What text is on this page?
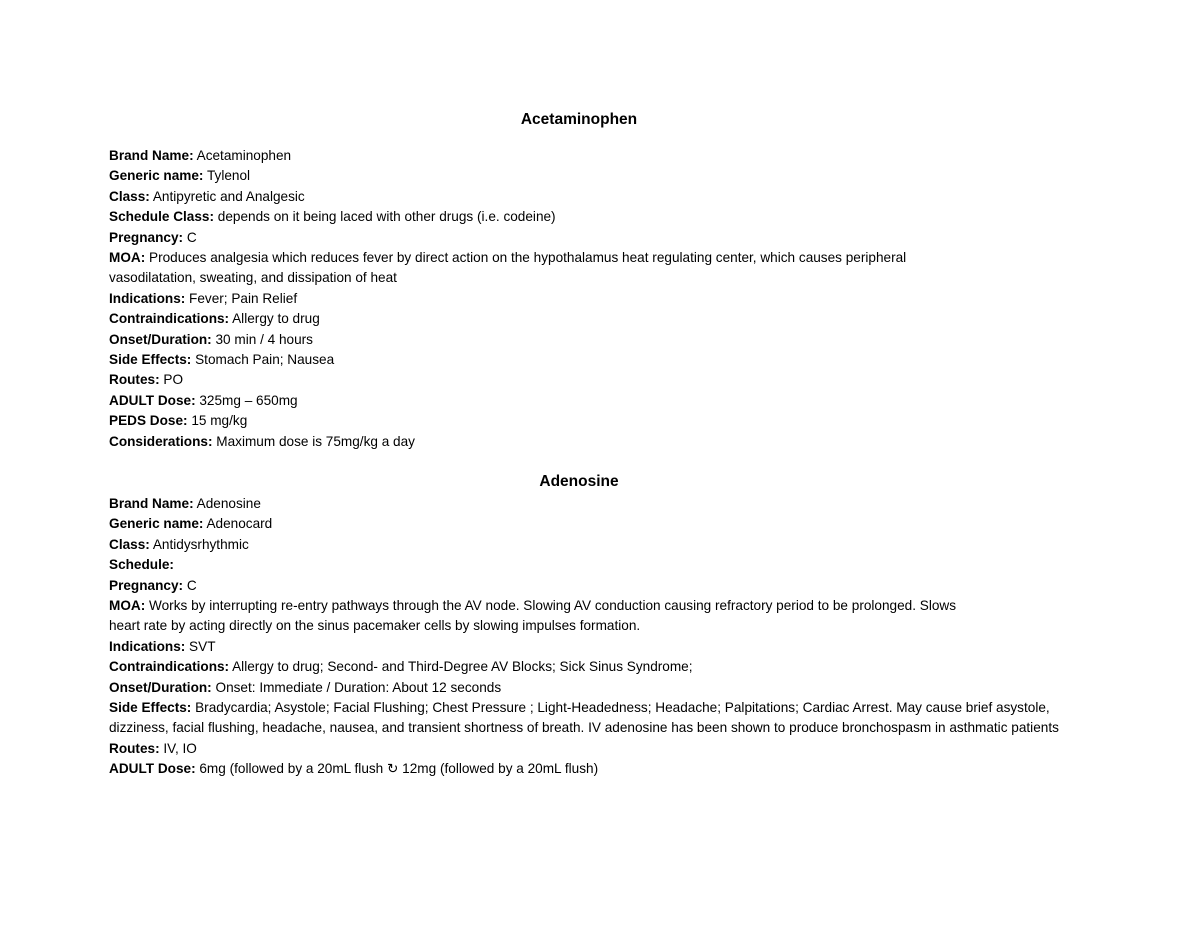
Acetaminophen

Brand Name: Acetaminophen

Generic name: Tylenol

Class: Antipyretic and Analgesic

Schedule Class: depends on it being laced with other drugs (i.e. codeine)

Pregnancy: C

MOA: Produces analgesia which reduces fever by direct action on the hypothalamus heat regulating center, which causes peripheral vasodilatation, sweating, and dissipation of heat

Indications: Fever; Pain Relief

Contraindications: Allergy to drug

Onset/Duration: 30 min / 4 hours

Side Effects: Stomach Pain; Nausea

Routes: PO

ADULT Dose: 325mg – 650mg

PEDS Dose: 15 mg/kg

Considerations: Maximum dose is 75mg/kg a day

Adenosine

Brand Name: Adenosine

Generic name: Adenocard

Class: Antidysrhythmic

Schedule:

Pregnancy: C

MOA: Works by interrupting re-entry pathways through the AV node. Slowing AV conduction causing refractory period to be prolonged. Slows heart rate by acting directly on the sinus pacemaker cells by slowing impulses formation.

Indications: SVT

Contraindications: Allergy to drug; Second- and Third-Degree AV Blocks; Sick Sinus Syndrome;

Onset/Duration: Onset: Immediate / Duration: About 12 seconds

Side Effects: Bradycardia; Asystole; Facial Flushing; Chest Pressure ; Light-Headedness; Headache; Palpitations; Cardiac Arrest. May cause brief asystole, dizziness, facial flushing, headache, nausea, and transient shortness of breath. IV adenosine has been shown to produce bronchospasm in asthmatic patients

Routes: IV, IO

ADULT Dose: 6mg (followed by a 20mL flush ↻ 12mg (followed by a 20mL flush)
